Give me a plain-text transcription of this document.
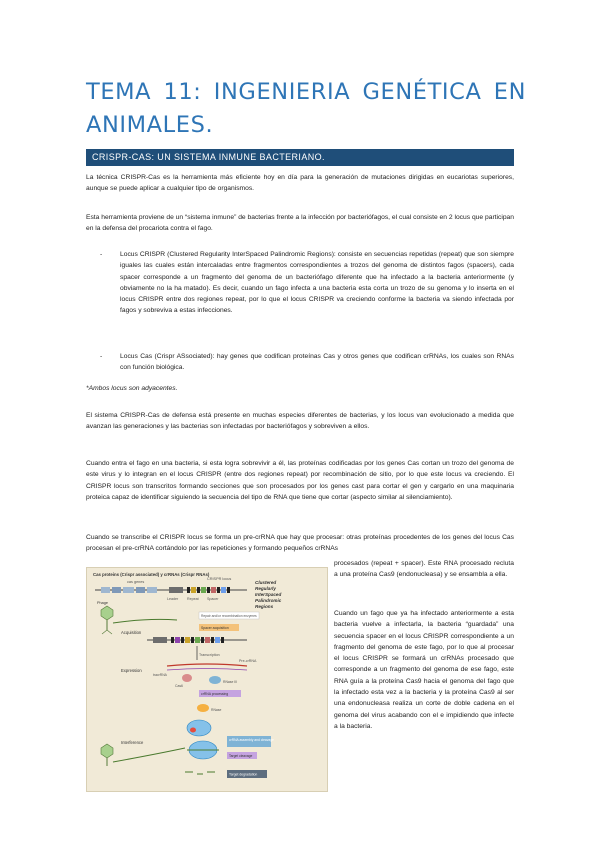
TEMA 11: INGENIERIA GENÉTICA EN ANIMALES.
CRISPR-CAS: UN SISTEMA INMUNE BACTERIANO.

La técnica CRISPR-Cas es la herramienta más eficiente hoy en día para la generación de mutaciones dirigidas en eucariotas superiores, aunque se puede aplicar a cualquier tipo de organismos.

Esta herramienta proviene de un “sistema inmune” de bacterias frente a la infección por bacteriófagos, el cual consiste en 2 locus que participan en la defensa del procariota contra el fago.

-	Locus CRISPR (Clustered Regularity InterSpaced Palindromic Regions): consiste en secuencias repetidas (repeat) que son siempre iguales las cuales están intercaladas entre fragmentos correspondientes a trozos del genoma de distintos fagos (spacers), cada spacer corresponde a un fragmento del genoma de un bacteriófago diferente que ha infectado a la bacteria anteriormente (y obviamente no la ha matado). Es decir, cuando un fago infecta a una bacteria esta corta un trozo de su genoma y lo inserta en el locus CRISPR entre dos regiones repeat, por lo que el locus CRISPR va creciendo conforme la bacteria va siendo infectada por fagos y sobreviva a estas infecciones.
-	Locus Cas (Crispr ASsociated): hay genes que codifican proteínas Cas y otros genes que codifican crRNAs, los cuales son RNAs con función biológica.
*Ambos locus son adyacentes.

El sistema CRISPR-Cas de defensa está presente en muchas especies diferentes de bacterias, y los locus van evolucionado a medida que avanzan las generaciones y las bacterias son infectadas por bacteriófagos y sobreviven a ellos.

Cuando entra el fago en una bacteria, si esta logra sobrevivir a él, las proteínas codificadas por los genes Cas cortan un trozo del genoma de este virus y lo integran en el locus CRISPR (entre dos regiones repeat) por recombinación de sitio, por lo que este locus va creciendo. El CRISPR locus son transcritos formando secciones que son procesados por los genes cast para cortar el gen y cargarlo en una maquinaria proteica capaz de identificar siguiendo la secuencia del tipo de RNA que tiene que cortar (aspecto similar al silenciamiento).

Cuando se transcribe el CRISPR locus se forma un pre-crRNA que hay que procesar: otras proteínas procedentes de los genes del locus Cas procesan el pre-crRNA cortándolo por las repeticiones y formando pequeños crRNAs

procesados (repeat + spacer). Este RNA procesado recluta a una proteína Cas9 (endonucleasa) y se ensambla a ella.

Cuando un fago que ya ha infectado anteriormente a esta bacteria vuelve a infectarla, la bacteria “guardada” una secuencia spacer en el locus CRISPR correspondiente a un fragmento del genoma de este fago, por lo que al procesar el locus CRISPR se formará un crRNAs procesado que corresponde a un fragmento del genoma de ese fago, este RNA guía a la proteína Cas9 hacia el genoma del fago que la infectado esta vez a la bacteria y la proteína Cas9 al ser una endonucleasa realiza un corte de doble cadena en el genoma del virus acabando con el e impidiendo que infecte a la bacteria.

Cas proteins (Crispr associated) y crRNAs (Crispr RNAs)
cas genes
CRISPR locus
Clustered
Regularly
InterSpaced
Palindromic
Regions
Leader Repeat Spacer
Phage
Acquisition
Repair and/or recombination enzymes
Spacer acquisition
Transcription
Expression
Pre-crRNA
Cas6
RNase III
tracrRNA
crRNA processing
RNase
Interference	crRNA assembly and cleavage
Target cleavage
Target degradation
